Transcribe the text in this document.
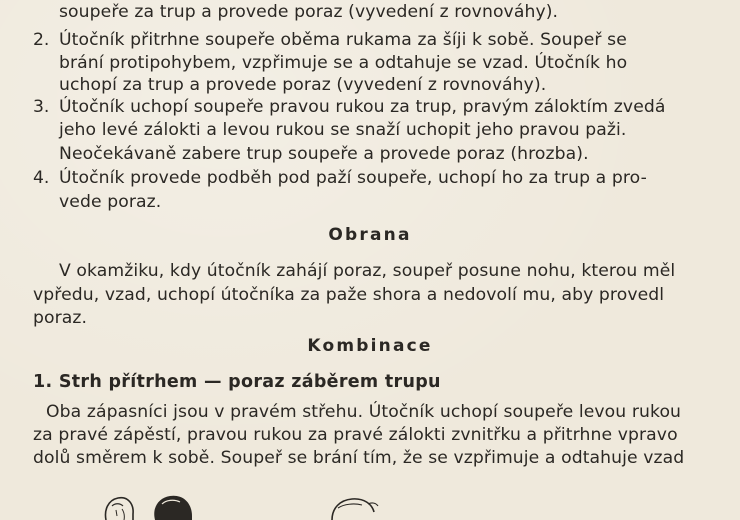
soupeře za trup a provede poraz (vyvedení z rovnováhy).
2. Útočník přitrhne soupeře oběma rukama za šíji k sobě. Soupeř se
brání protipohybem, vzpřimuje se a odtahuje se vzad. Útočník ho
uchopí za trup a provede poraz (vyvedení z rovnováhy).
3. Útočník uchopí soupeře pravou rukou za trup, pravým záloktím zvedá
jeho levé zálokti a levou rukou se snaží uchopit jeho pravou paži.
Neočekávaně zabere trup soupeře a provede poraz (hrozba).
4. Útočník provede podběh pod paží soupeře, uchopí ho za trup a pro-
vede poraz.
Obrana
V okamžiku, kdy útočník zahájí poraz, soupeř posune nohu, kterou měl
vpředu, vzad, uchopí útočníka za paže shora a nedovolí mu, aby provedl
poraz.
Kombinace
1. Strh přítrhem — poraz záběrem trupu
Oba zápasníci jsou v pravém střehu. Útočník uchopí soupeře levou rukou
za pravé zápěstí, pravou rukou za pravé zálokti zvnitřku a přitrhne vpravo
dolů směrem k sobě. Soupeř se brání tím, že se vzpřimuje a odtahuje vzad
